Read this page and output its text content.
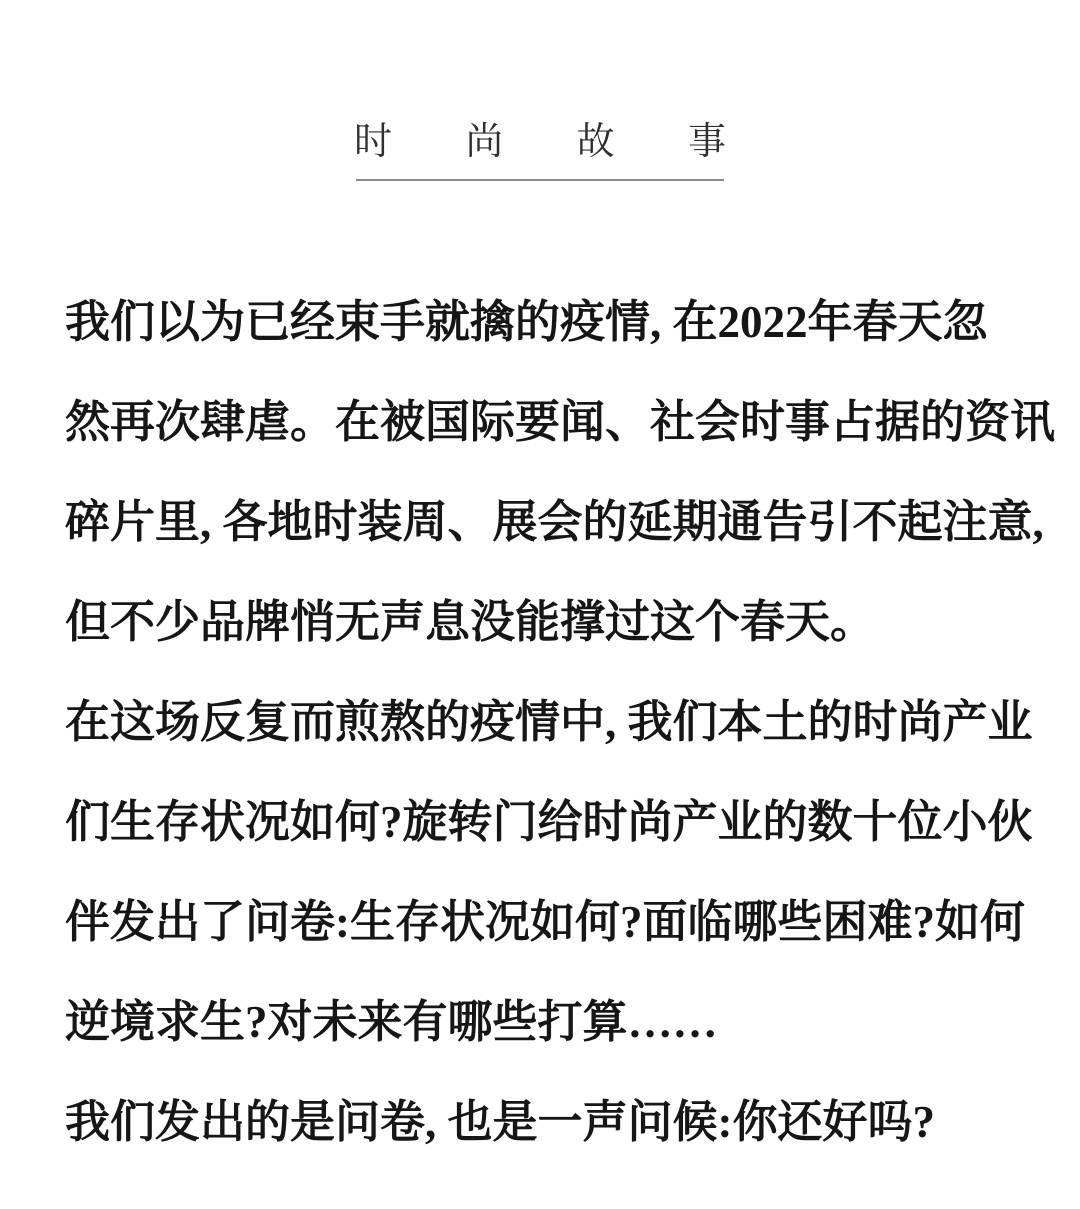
时 尚 故 事

我们以为已经束手就擒的疫情, 在2022年春天忽
然再次肆虐。在被国际要闻、社会时事占据的资讯
碎片里, 各地时装周、展会的延期通告引不起注意,
但不少品牌悄无声息没能撑过这个春天。

在这场反复而煎熬的疫情中, 我们本土的时尚产业
们生存状况如何?旋转门给时尚产业的数十位小伙
伴发出了问卷:生存状况如何?面临哪些困难?如何
逆境求生?对未来有哪些打算……

我们发出的是问卷, 也是一声问候:你还好吗?
